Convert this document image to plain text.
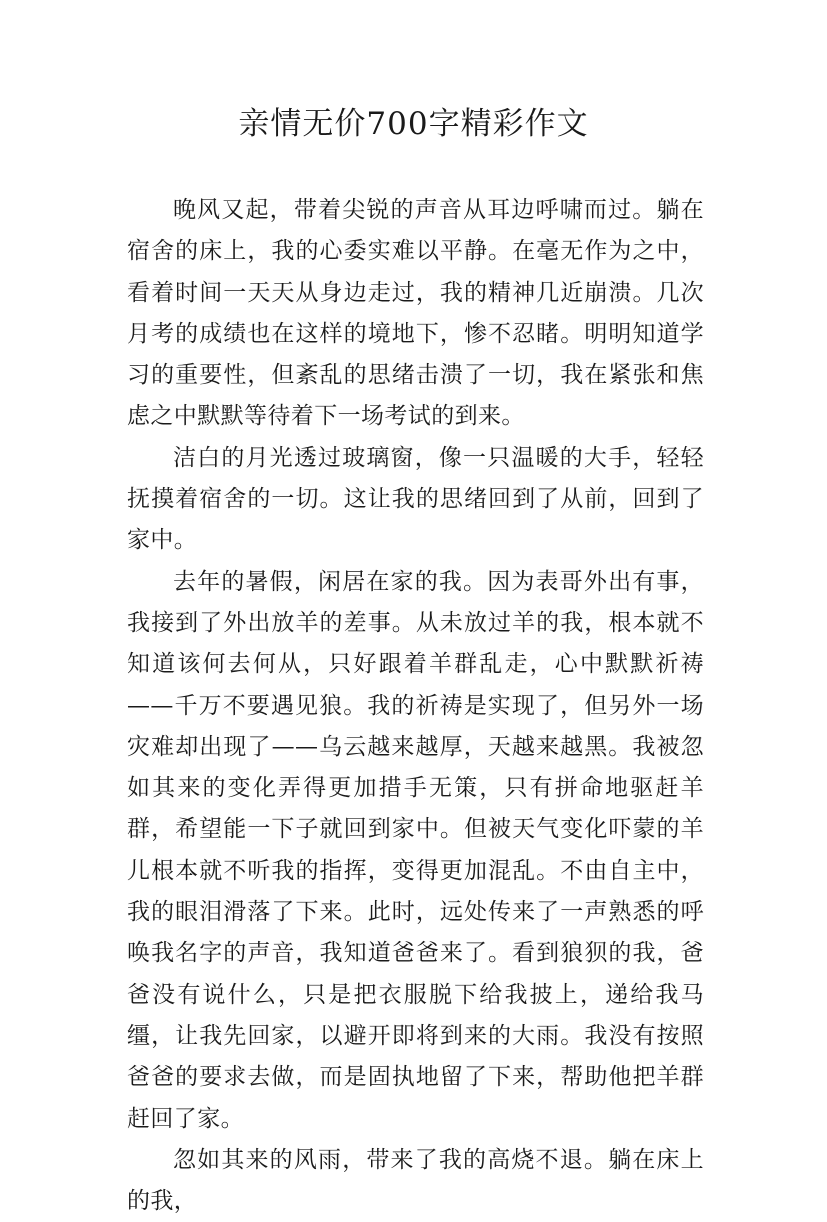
亲情无价700字精彩作文

晚风又起，带着尖锐的声音从耳边呼啸而过。躺在宿舍的床上，我的心委实难以平静。在毫无作为之中，看着时间一天天从身边走过，我的精神几近崩溃。几次月考的成绩也在这样的境地下，惨不忍睹。明明知道学习的重要性，但紊乱的思绪击溃了一切，我在紧张和焦虑之中默默等待着下一场考试的到来。

洁白的月光透过玻璃窗，像一只温暖的大手，轻轻抚摸着宿舍的一切。这让我的思绪回到了从前，回到了家中。

去年的暑假，闲居在家的我。因为表哥外出有事，我接到了外出放羊的差事。从未放过羊的我，根本就不知道该何去何从，只好跟着羊群乱走，心中默默祈祷——千万不要遇见狼。我的祈祷是实现了，但另外一场灾难却出现了——乌云越来越厚，天越来越黑。我被忽如其来的变化弄得更加措手无策，只有拼命地驱赶羊群，希望能一下子就回到家中。但被天气变化吓蒙的羊儿根本就不听我的指挥，变得更加混乱。不由自主中，我的眼泪滑落了下来。此时，远处传来了一声熟悉的呼唤我名字的声音，我知道爸爸来了。看到狼狈的我，爸爸没有说什么，只是把衣服脱下给我披上，递给我马缰，让我先回家，以避开即将到来的大雨。我没有按照爸爸的要求去做，而是固执地留了下来，帮助他把羊群赶回了家。

忽如其来的风雨，带来了我的高烧不退。躺在床上的我，
